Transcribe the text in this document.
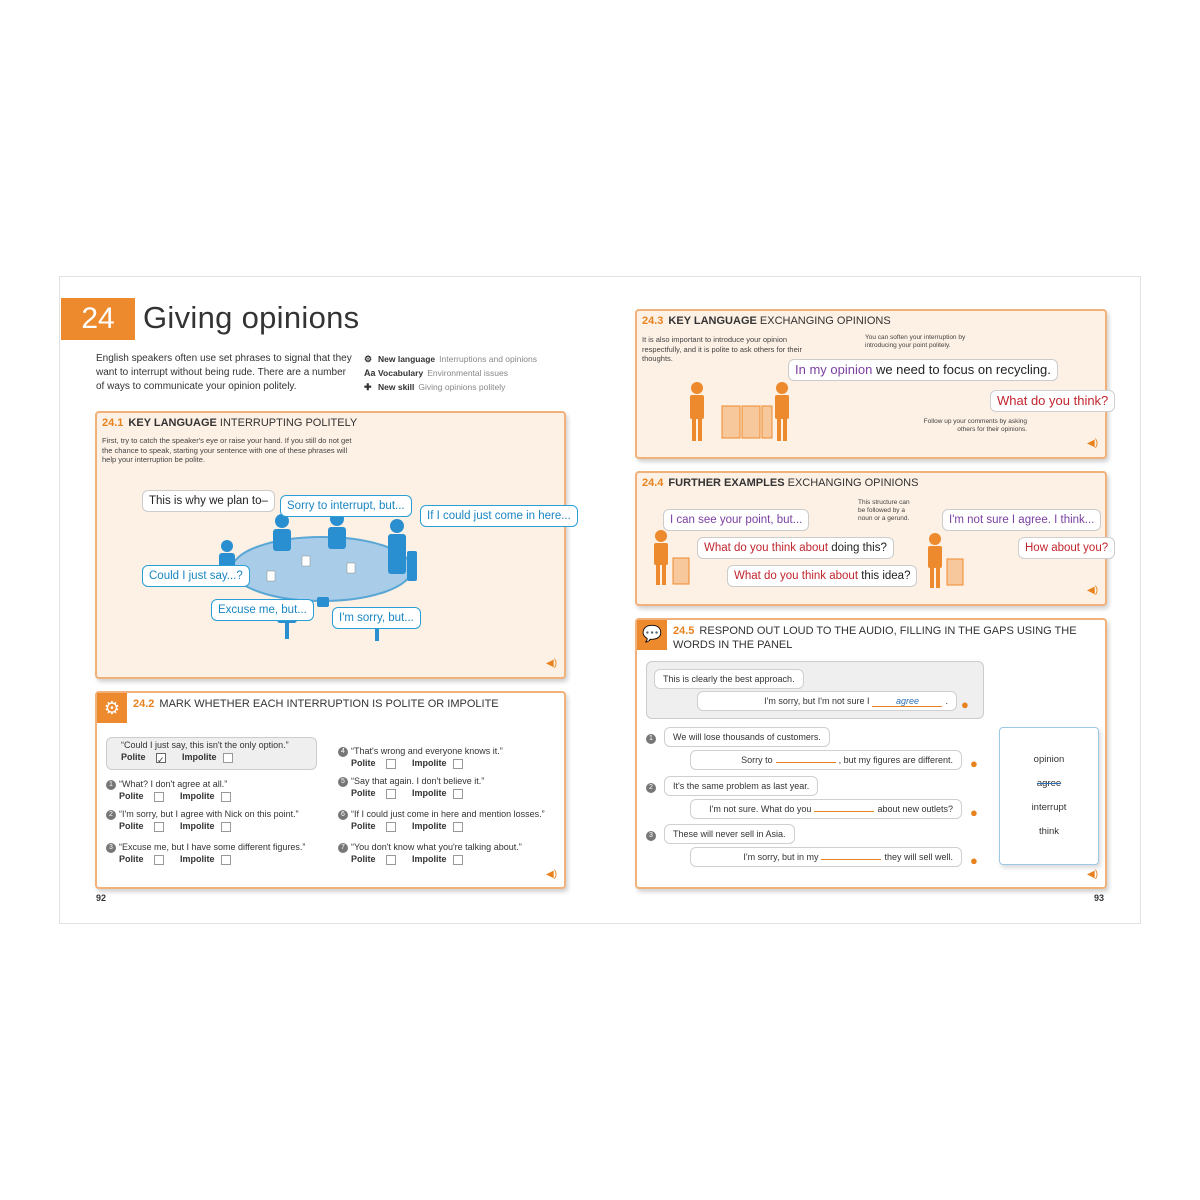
24 Giving opinions
English speakers often use set phrases to signal that they want to interrupt without being rude. There are a number of ways to communicate your opinion politely.
⚙ New language Interruptions and opinions
Aa Vocabulary Environmental issues
✚ New skill Giving opinions politely
24.1 KEY LANGUAGE INTERRUPTING POLITELY
First, try to catch the speaker's eye or raise your hand. If you still do not get the chance to speak, starting your sentence with one of these phrases will help your interruption be polite.
This is why we plan to–	Sorry to interrupt, but...
If I could just come in here...
Could I just say...?
Excuse me, but...
I'm sorry, but...
◀)
⚙	24.2 MARK WHETHER EACH INTERRUPTION IS POLITE OR IMPOLITE
“Could I just say, this isn't the only option.”
Polite ✓ Impolite
1 “What? I don't agree at all.”
Polite	Impolite
2 “I'm sorry, but I agree with Nick on this point.”
Polite	Impolite
3 “Excuse me, but I have some different figures.”
Polite	Impolite
4 “That's wrong and everyone knows it.”
Polite	Impolite
5 “Say that again. I don't believe it.”
Polite	Impolite
6 “If I could just come in here and mention losses.”
Polite	Impolite
7 “You don't know what you're talking about.”
Polite	Impolite
◀)
24.3 KEY LANGUAGE EXCHANGING OPINIONS
It is also important to introduce your opinion respectfully, and it is polite to ask others for their thoughts.
You can soften your interruption by introducing your point politely.
Follow up your comments by asking others for their opinions.
In my opinion we need to focus on recycling.
What do you think?
◀)
24.4 FURTHER EXAMPLES EXCHANGING OPINIONS
This structure can be followed by a noun or a gerund.
I can see your point, but...
What do you think about doing this?
What do you think about this idea?
I'm not sure I agree. I think...
How about you?
◀)
💬	24.5 RESPOND OUT LOUD TO THE AUDIO, FILLING IN THE GAPS USING THE WORDS IN THE PANEL
This is clearly the best approach.
I'm sorry, but I'm not sure I	agree	.	●
1	We will lose thousands of customers.
Sorry to	, but my figures are different.	●
2	It's the same problem as last year.
I'm not sure. What do you	about new outlets?	●
3	These will never sell in Asia.
I'm sorry, but in my	they will sell well.	●
opinion
agree
interrupt
think
◀)
92	93
